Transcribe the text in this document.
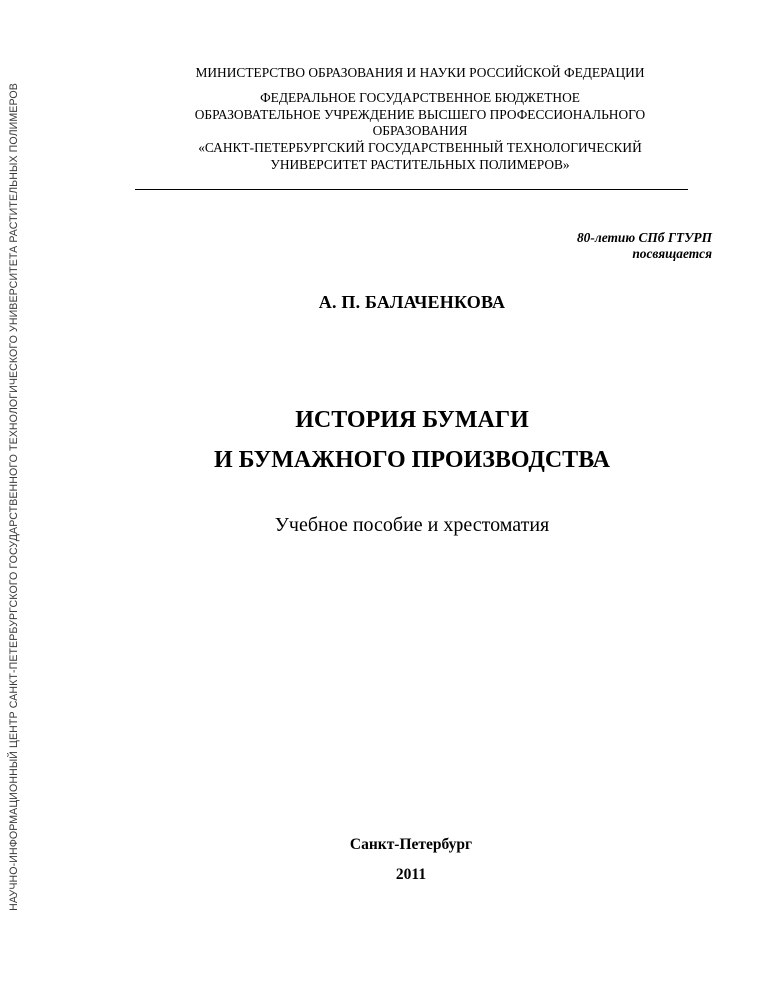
НАУЧНО-ИНФОРМАЦИОННЫЙ ЦЕНТР САНКТ-ПЕТЕРБУРГСКОГО ГОСУДАРСТВЕННОГО ТЕХНОЛОГИЧЕСКОГО УНИВЕРСИТЕТА РАСТИТЕЛЬНЫХ ПОЛИМЕРОВ
МИНИСТЕРСТВО ОБРАЗОВАНИЯ И НАУКИ РОССИЙСКОЙ ФЕДЕРАЦИИ
ФЕДЕРАЛЬНОЕ ГОСУДАРСТВЕННОЕ БЮДЖЕТНОЕ
ОБРАЗОВАТЕЛЬНОЕ УЧРЕЖДЕНИЕ ВЫСШЕГО ПРОФЕССИОНАЛЬНОГО
ОБРАЗОВАНИЯ
«САНКТ-ПЕТЕРБУРГСКИЙ ГОСУДАРСТВЕННЫЙ ТЕХНОЛОГИЧЕСКИЙ
УНИВЕРСИТЕТ РАСТИТЕЛЬНЫХ ПОЛИМЕРОВ»
80-летию СПб ГТУРП
посвящается
А. П. БАЛАЧЕНКОВА
ИСТОРИЯ БУМАГИ
И БУМАЖНОГО ПРОИЗВОДСТВА
Учебное пособие и хрестоматия
Санкт-Петербург
2011
